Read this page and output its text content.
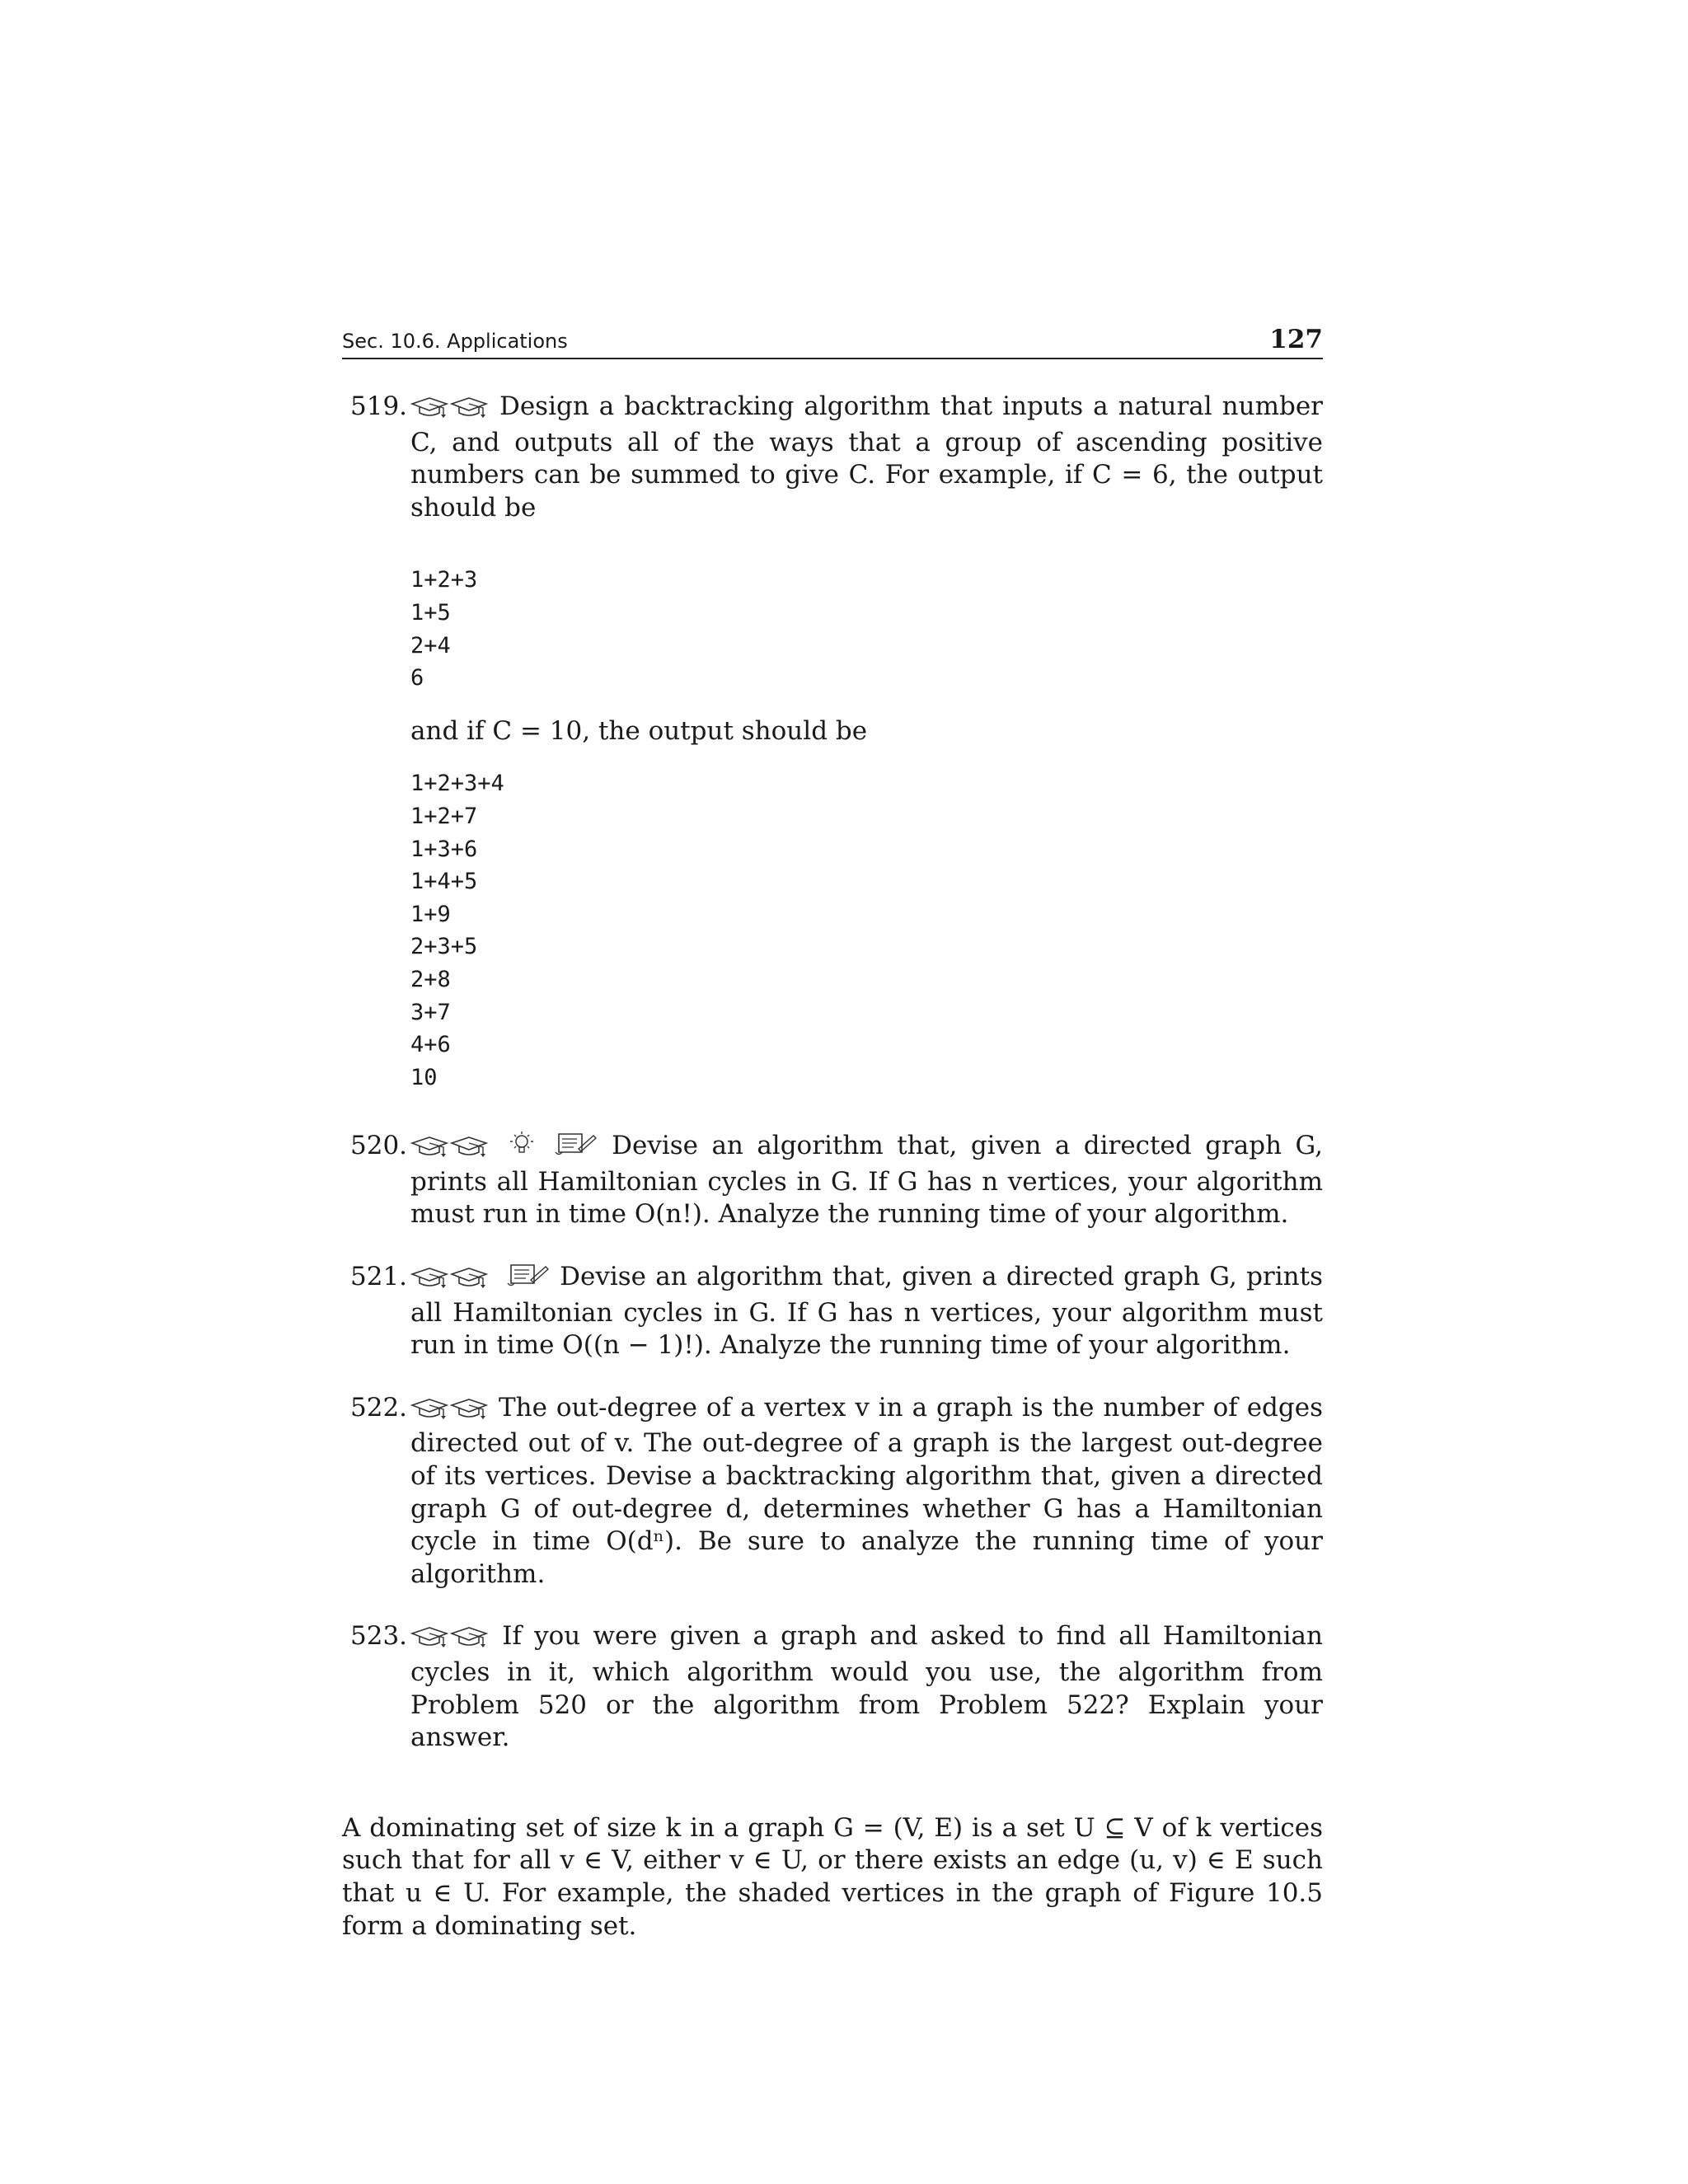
Sec. 10.6. Applications	127
519.	Design a backtracking algorithm that inputs a natural number C, and outputs all of the ways that a group of ascending positive numbers can be summed to give C. For example, if C = 6, the output should be
1+2+3
1+5
2+4
6
and if C = 10, the output should be
1+2+3+4
1+2+7
1+3+6
1+4+5
1+9
2+3+5
2+8
3+7
4+6
10
520.	Devise an algorithm that, given a directed graph G, prints all Hamiltonian cycles in G. If G has n vertices, your algorithm must run in time O(n!). Analyze the running time of your algorithm.
521.	Devise an algorithm that, given a directed graph G, prints all Hamiltonian cycles in G. If G has n vertices, your algorithm must run in time O((n − 1)!). Analyze the running time of your algorithm.
522.	The out-degree of a vertex v in a graph is the number of edges directed out of v. The out-degree of a graph is the largest out-degree of its vertices. Devise a backtracking algorithm that, given a directed graph G of out-degree d, determines whether G has a Hamiltonian cycle in time O(dⁿ). Be sure to analyze the running time of your algorithm.
523.	If you were given a graph and asked to find all Hamiltonian cycles in it, which algorithm would you use, the algorithm from Problem 520 or the algorithm from Problem 522? Explain your answer.
A dominating set of size k in a graph G = (V, E) is a set U ⊆ V of k vertices such that for all v ∈ V, either v ∈ U, or there exists an edge (u, v) ∈ E such that u ∈ U. For example, the shaded vertices in the graph of Figure 10.5 form a dominating set.
